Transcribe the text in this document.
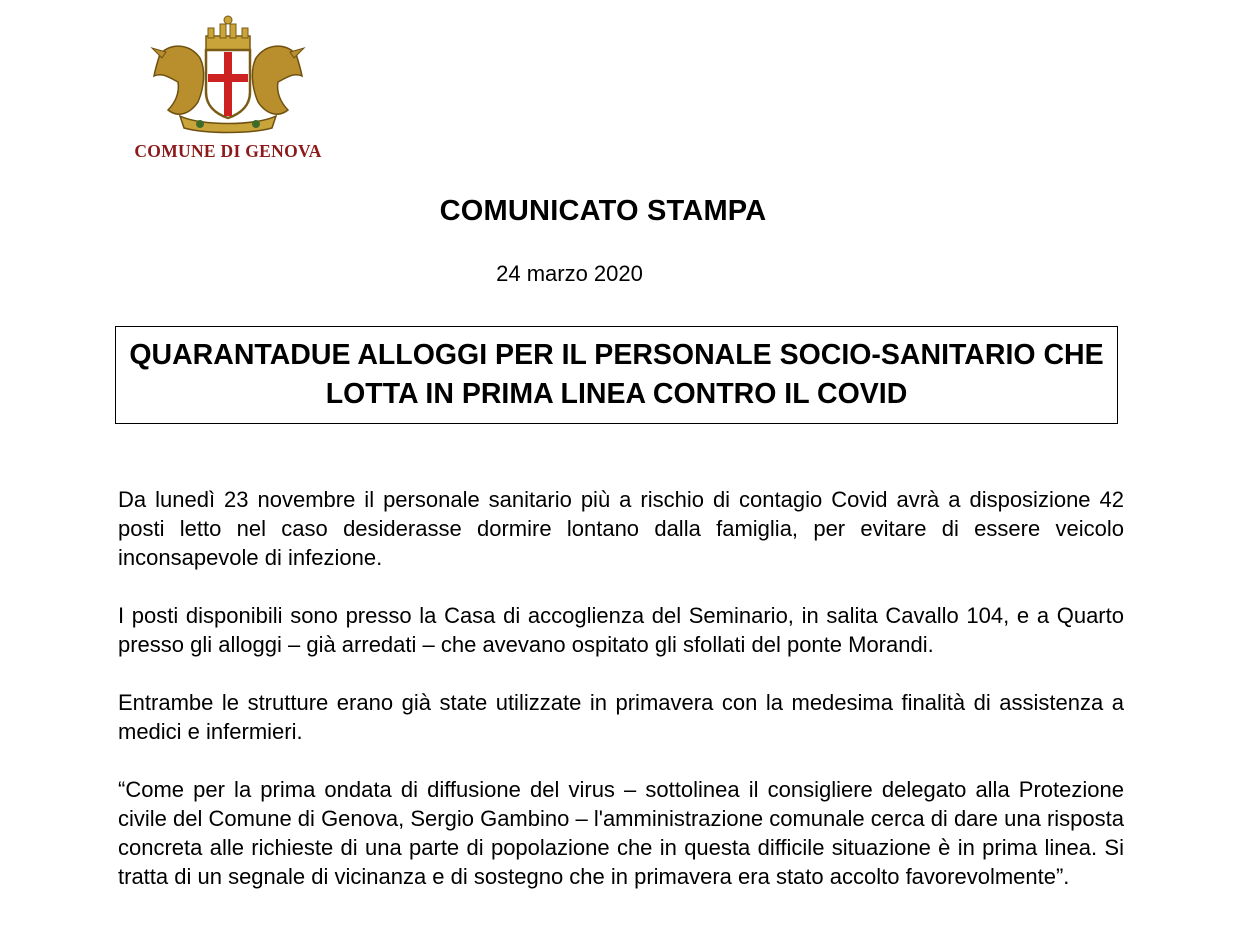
COMUNE DI GENOVA
COMUNICATO STAMPA
24 marzo 2020
QUARANTADUE ALLOGGI PER IL PERSONALE SOCIO-SANITARIO CHE LOTTA IN PRIMA LINEA CONTRO IL COVID

Da lunedì 23 novembre il personale sanitario più a rischio di contagio Covid avrà a disposizione 42 posti letto nel caso desiderasse dormire lontano dalla famiglia, per evitare di essere veicolo inconsapevole di infezione.

I posti disponibili sono presso la Casa di accoglienza del Seminario, in salita Cavallo 104, e a Quarto presso gli alloggi – già arredati – che avevano ospitato gli sfollati del ponte Morandi.

Entrambe le strutture erano già state utilizzate in primavera con la medesima finalità di assistenza a medici e infermieri.

“Come per la prima ondata di diffusione del virus – sottolinea il consigliere delegato alla Protezione civile del Comune di Genova, Sergio Gambino – l'amministrazione comunale cerca di dare una risposta concreta alle richieste di una parte di popolazione che in questa difficile situazione è in prima linea. Si tratta di un segnale di vicinanza e di sostegno che in primavera era stato accolto favorevolmente”.
